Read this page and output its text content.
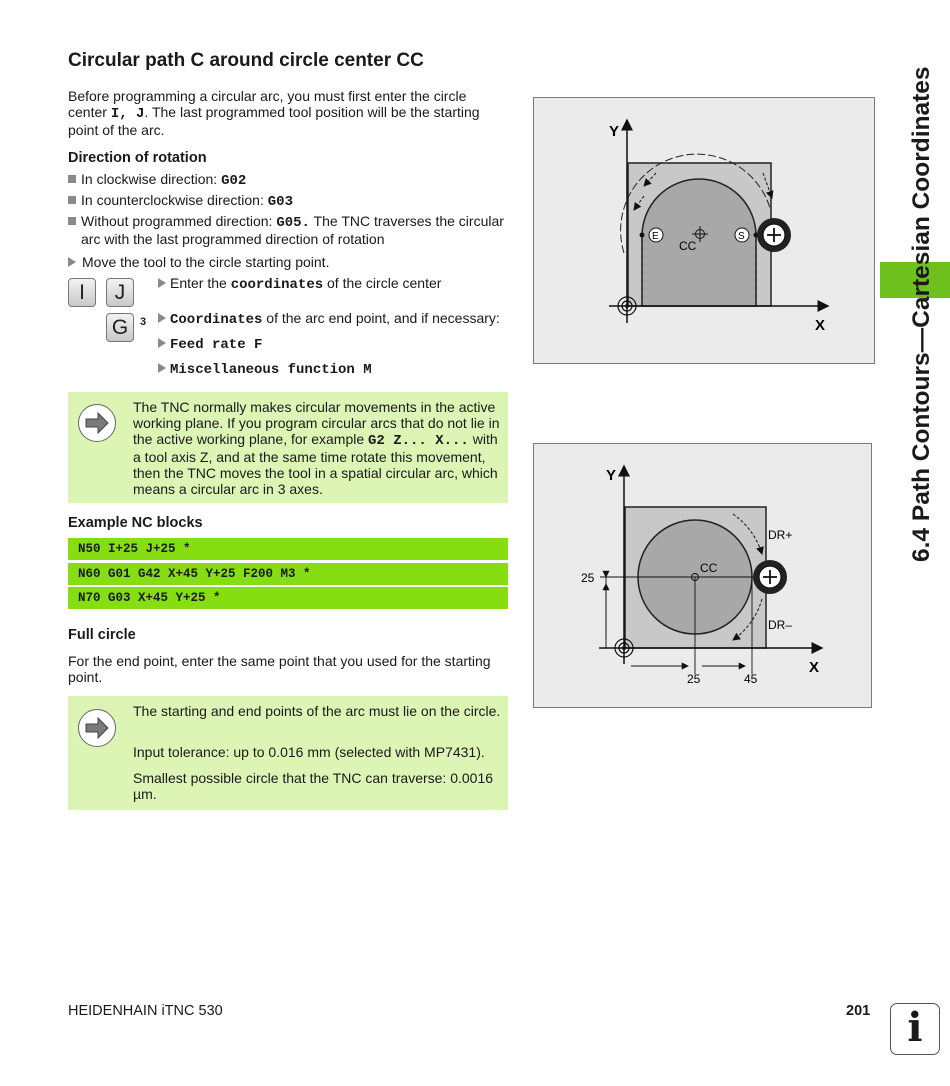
Circular path C around circle center CC
Before programming a circular arc, you must first enter the circle center I, J. The last programmed tool position will be the starting point of the arc.
Direction of rotation
In clockwise direction: G02
In counterclockwise direction: G03
Without programmed direction: G05. The TNC traverses the circular arc with the last programmed direction of rotation
Move the tool to the circle starting point.
I	J
G	3
Enter the coordinates of the circle center
Coordinates of the arc end point, and if necessary:
Feed rate F
Miscellaneous function M
The TNC normally makes circular movements in the active working plane. If you program circular arcs that do not lie in the active working plane, for example G2 Z... X... with a tool axis Z, and at the same time rotate this movement, then the TNC moves the tool in a spatial circular arc, which means a circular arc in 3 axes.
Example NC blocks
N50 I+25 J+25 *
N60 G01 G42 X+45 Y+25 F200 M3 *
N70 G03 X+45 Y+25 *
Full circle
For the end point, enter the same point that you used for the starting point.
The starting and end points of the arc must lie on the circle.
Input tolerance: up to 0.016 mm (selected with MP7431).
Smallest possible circle that the TNC can traverse: 0.0016 µm.
Y
X
CC
E	S
DR+
DR–
Y
X
CC
25
25	45
6.4 Path Contours—Cartesian Coordinates
HEIDENHAIN iTNC 530	201 i
